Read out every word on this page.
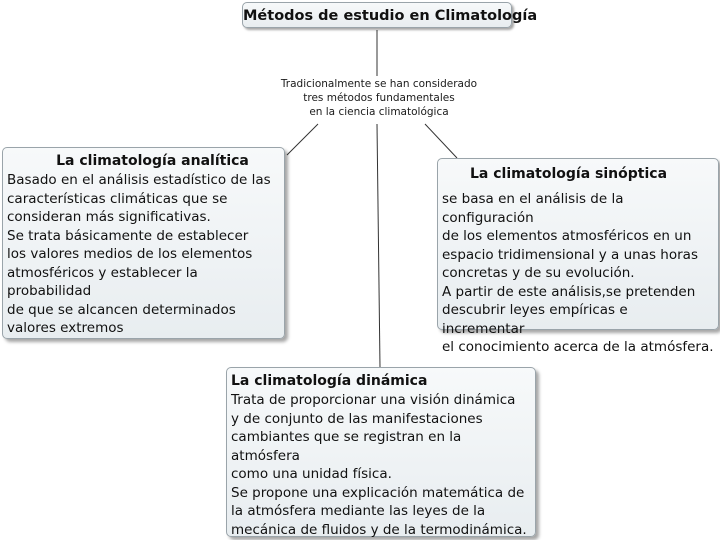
Métodos de estudio en Climatología
Tradicionalmente se han considerado
tres métodos fundamentales
en la ciencia climatológica
La climatología analítica
Basado en el análisis estadístico de las
características climáticas que se
consideran más significativas.
Se trata básicamente de establecer
los valores medios de los elementos
atmosféricos y establecer la probabilidad
de que se alcancen determinados
valores extremos
La climatología sinóptica
se basa en el análisis de la configuración
de los elementos atmosféricos en un
espacio tridimensional y a unas horas
concretas y de su evolución.
A partir de este análisis,se pretenden
descubrir leyes empíricas e incrementar
el conocimiento acerca de la atmósfera.
La climatología dinámica
Trata de proporcionar una visión dinámica
y de conjunto de las manifestaciones
cambiantes que se registran en la atmósfera
como una unidad física.
Se propone una explicación matemática de
la atmósfera mediante las leyes de la
mecánica de fluidos y de la termodinámica.
